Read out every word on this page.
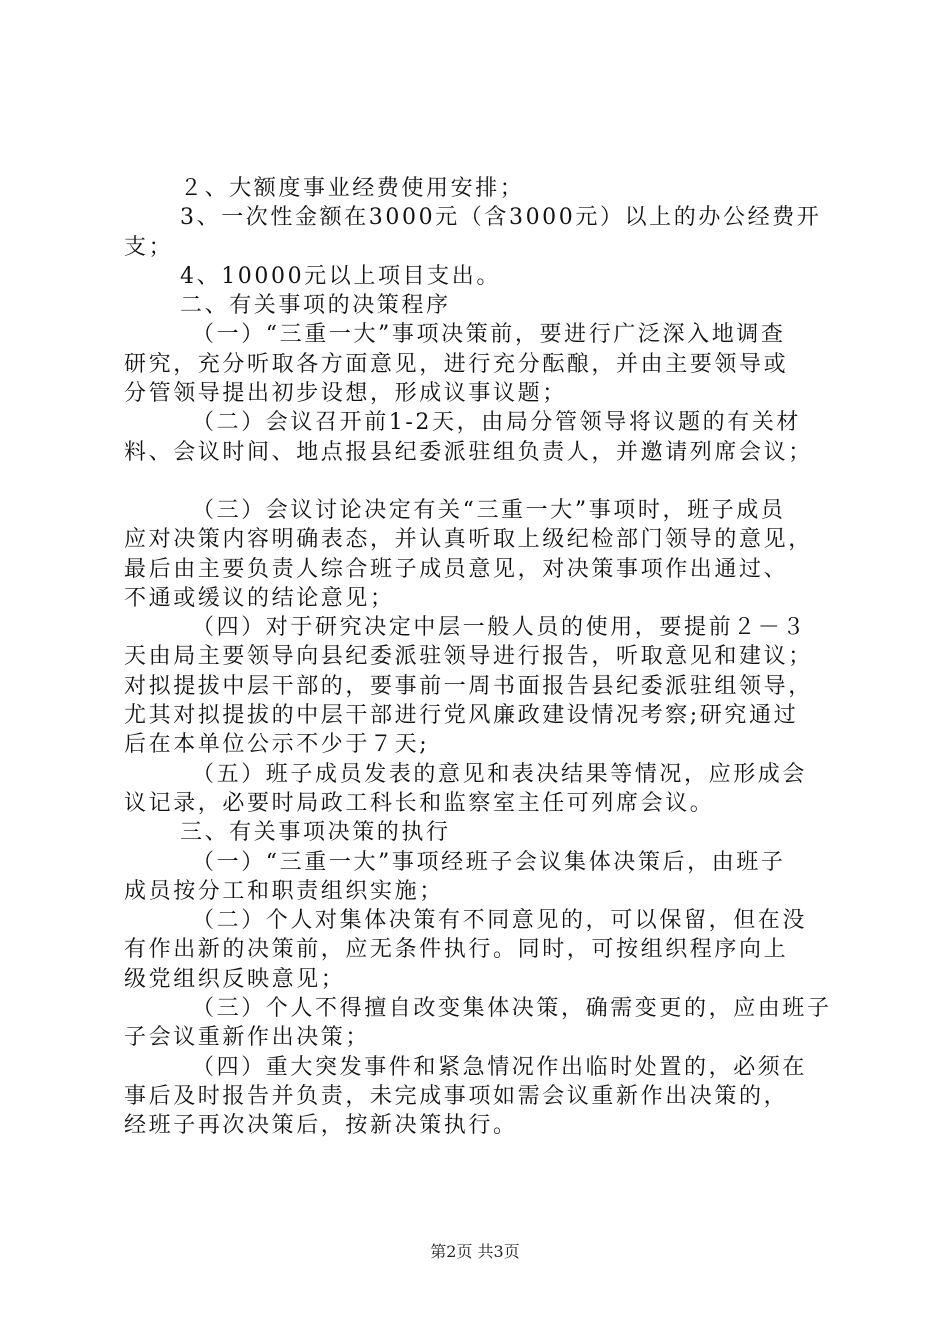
２、大额度事业经费使用安排；
3、一次性金额在3000元（含3000元）以上的办公经费开
支；
4、10000元以上项目支出。
二、有关事项的决策程序
（一）“三重一大”事项决策前，要进行广泛深入地调查
研究，充分听取各方面意见，进行充分酝酿，并由主要领导或
分管领导提出初步设想，形成议事议题；
（二）会议召开前1-2天，由局分管领导将议题的有关材
料、会议时间、地点报县纪委派驻组负责人，并邀请列席会议；
（三）会议讨论决定有关“三重一大”事项时，班子成员
应对决策内容明确表态，并认真听取上级纪检部门领导的意见，
最后由主要负责人综合班子成员意见，对决策事项作出通过、
不通或缓议的结论意见；
（四）对于研究决定中层一般人员的使用，要提前２－３
天由局主要领导向县纪委派驻领导进行报告，听取意见和建议；
对拟提拔中层干部的，要事前一周书面报告县纪委派驻组领导，
尤其对拟提拔的中层干部进行党风廉政建设情况考察;研究通过
后在本单位公示不少于７天;
（五）班子成员发表的意见和表决结果等情况，应形成会
议记录，必要时局政工科长和监察室主任可列席会议。
三、有关事项决策的执行
（一）“三重一大”事项经班子会议集体决策后，由班子
成员按分工和职责组织实施；
（二）个人对集体决策有不同意见的，可以保留，但在没
有作出新的决策前，应无条件执行。同时，可按组织程序向上
级党组织反映意见；
（三）个人不得擅自改变集体决策，确需变更的，应由班子
子会议重新作出决策；
（四）重大突发事件和紧急情况作出临时处置的，必须在
事后及时报告并负责，未完成事项如需会议重新作出决策的，
经班子再次决策后，按新决策执行。
第2页 共3页
